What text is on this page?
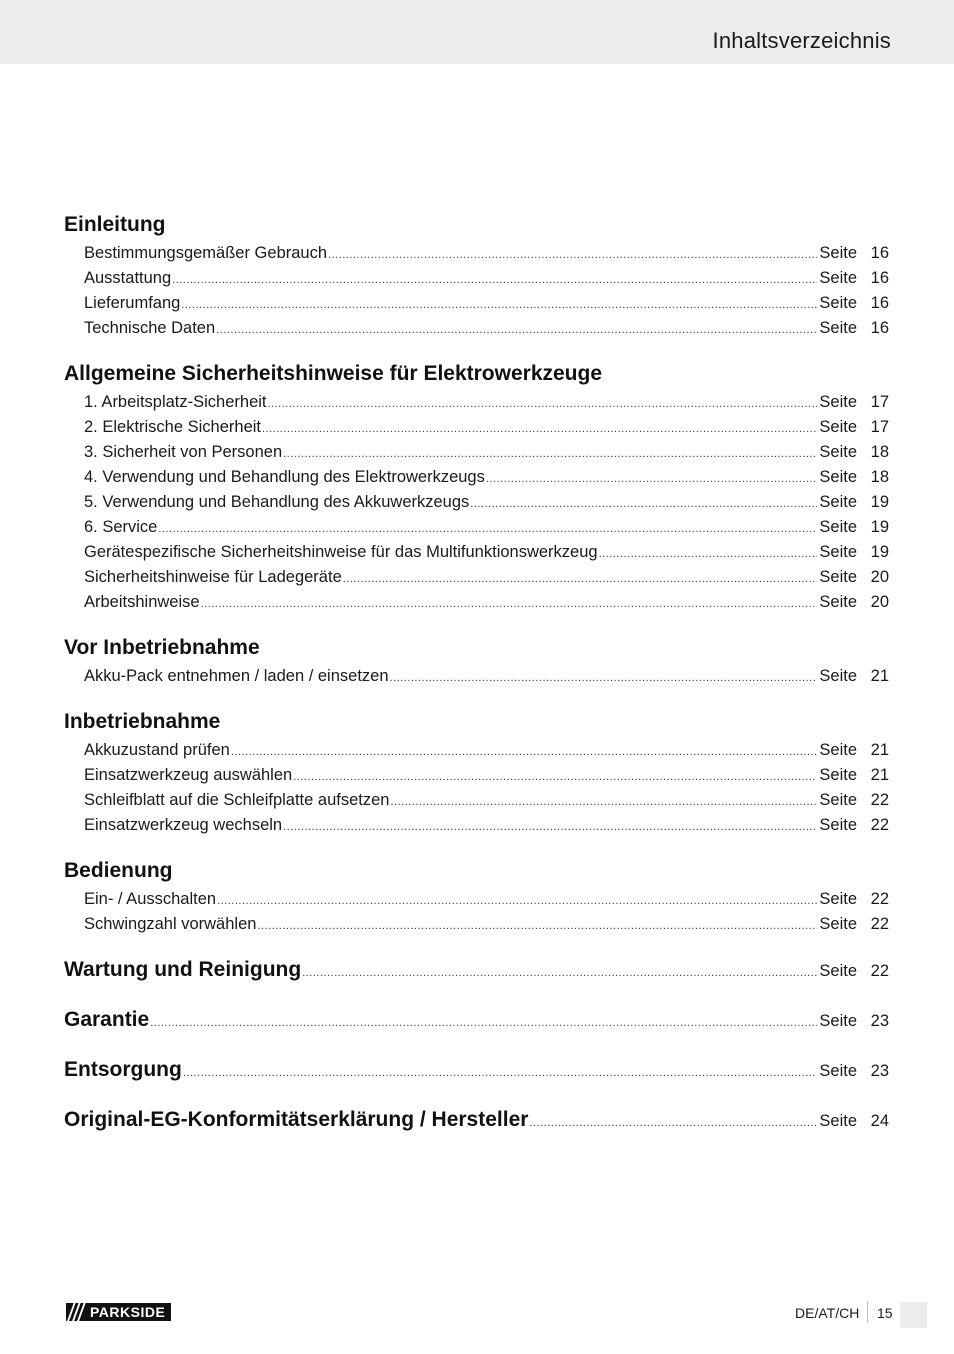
Inhaltsverzeichnis
Einleitung
Bestimmungsgemäßer Gebrauch .....	Seite 16
Ausstattung .....	Seite 16
Lieferumfang .....	Seite 16
Technische Daten .....	Seite 16
Allgemeine Sicherheitshinweise für Elektrowerkzeuge
1. Arbeitsplatz-Sicherheit .....	Seite 17
2. Elektrische Sicherheit .....	Seite 17
3. Sicherheit von Personen .....	Seite 18
4. Verwendung und Behandlung des Elektrowerkzeugs .....	Seite 18
5. Verwendung und Behandlung des Akkuwerkzeugs .....	Seite 19
6. Service .....	Seite 19
Gerätespezifische Sicherheitshinweise für das Multifunktionswerkzeug .....	Seite 19
Sicherheitshinweise für Ladegeräte .....	Seite 20
Arbeitshinweise .....	Seite 20
Vor Inbetriebnahme
Akku-Pack entnehmen / laden / einsetzen .....	Seite 21
Inbetriebnahme
Akkuzustand prüfen .....	Seite 21
Einsatzwerkzeug auswählen .....	Seite 21
Schleifblatt auf die Schleifplatte aufsetzen .....	Seite 22
Einsatzwerkzeug wechseln .....	Seite 22
Bedienung
Ein- / Ausschalten .....	Seite 22
Schwingzahl vorwählen .....	Seite 22
Wartung und Reinigung .....	Seite 22
Garantie .....	Seite 23
Entsorgung .....	Seite 23
Original-EG-Konformitätserklärung / Hersteller .....	Seite 24
PARKSIDE	DE/AT/CH 15
